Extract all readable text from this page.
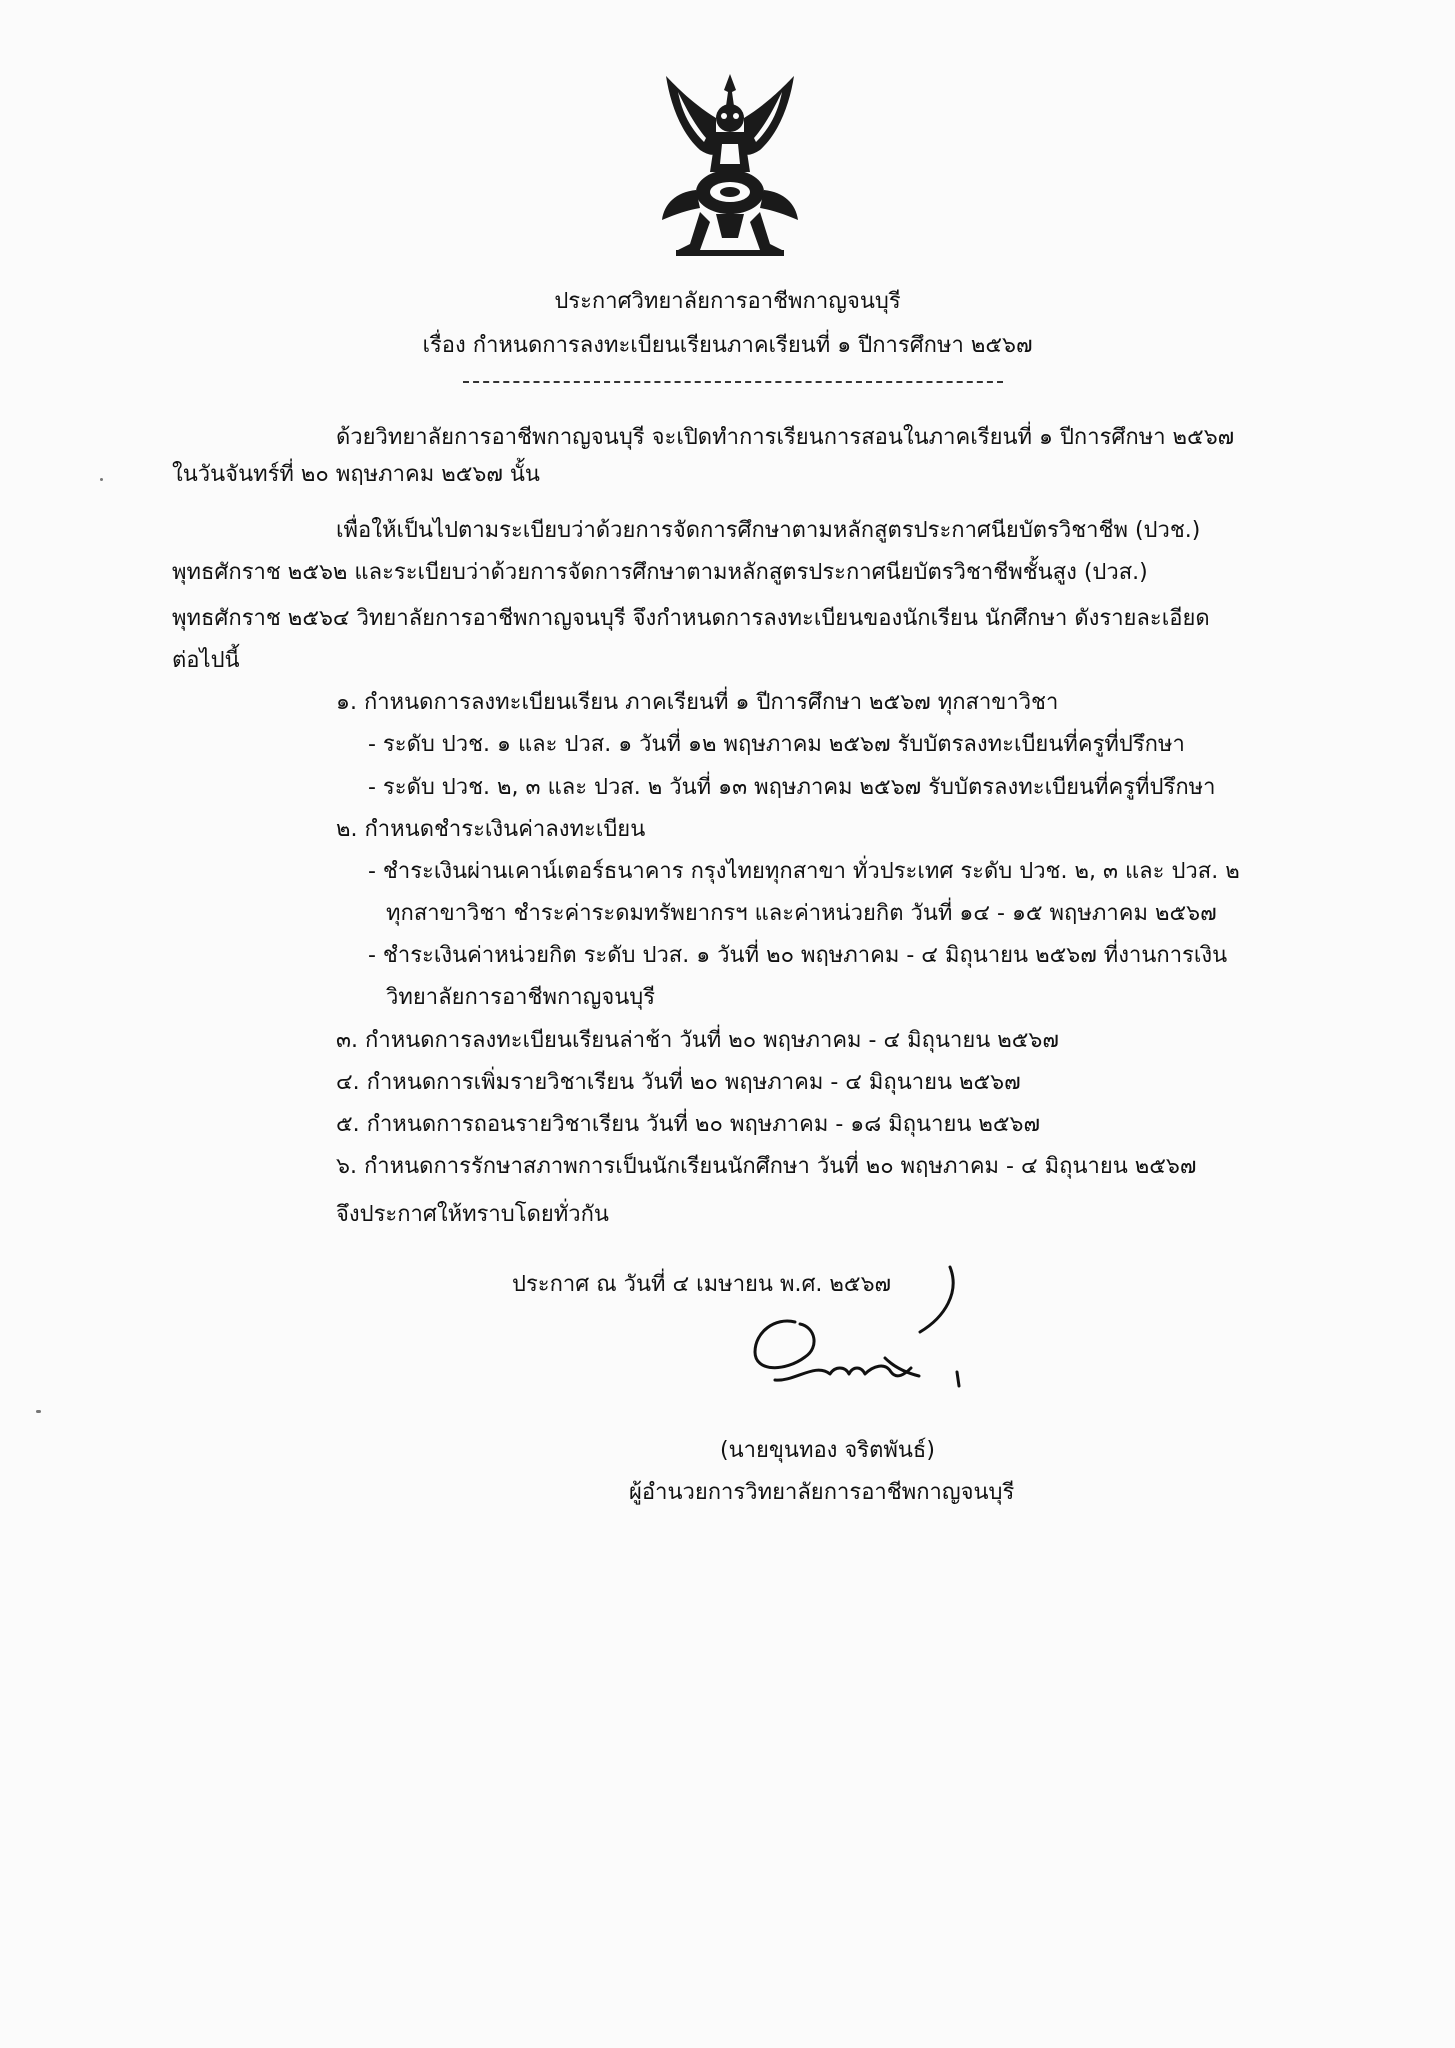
ประกาศวิทยาลัยการอาชีพกาญจนบุรี
เรื่อง กำหนดการลงทะเบียนเรียนภาคเรียนที่ ๑ ปีการศึกษา ๒๕๖๗
ด้วยวิทยาลัยการอาชีพกาญจนบุรี จะเปิดทำการเรียนการสอนในภาคเรียนที่ ๑ ปีการศึกษา ๒๕๖๗
ในวันจันทร์ที่ ๒๐ พฤษภาคม ๒๕๖๗ นั้น
เพื่อให้เป็นไปตามระเบียบว่าด้วยการจัดการศึกษาตามหลักสูตรประกาศนียบัตรวิชาชีพ (ปวช.)
พุทธศักราช ๒๕๖๒ และระเบียบว่าด้วยการจัดการศึกษาตามหลักสูตรประกาศนียบัตรวิชาชีพชั้นสูง (ปวส.)
พุทธศักราช ๒๕๖๔ วิทยาลัยการอาชีพกาญจนบุรี จึงกำหนดการลงทะเบียนของนักเรียน นักศึกษา ดังรายละเอียด
ต่อไปนี้
๑. กำหนดการลงทะเบียนเรียน ภาคเรียนที่ ๑ ปีการศึกษา ๒๕๖๗ ทุกสาขาวิชา
- ระดับ ปวช. ๑ และ ปวส. ๑ วันที่ ๑๒ พฤษภาคม ๒๕๖๗ รับบัตรลงทะเบียนที่ครูที่ปรึกษา
- ระดับ ปวช. ๒, ๓ และ ปวส. ๒ วันที่ ๑๓ พฤษภาคม ๒๕๖๗ รับบัตรลงทะเบียนที่ครูที่ปรึกษา
๒. กำหนดชำระเงินค่าลงทะเบียน
- ชำระเงินผ่านเคาน์เตอร์ธนาคาร กรุงไทยทุกสาขา ทั่วประเทศ ระดับ ปวช. ๒, ๓ และ ปวส. ๒
ทุกสาขาวิชา ชำระค่าระดมทรัพยากรฯ และค่าหน่วยกิต วันที่ ๑๔ - ๑๕ พฤษภาคม ๒๕๖๗
- ชำระเงินค่าหน่วยกิต ระดับ ปวส. ๑ วันที่ ๒๐ พฤษภาคม - ๔ มิถุนายน ๒๕๖๗ ที่งานการเงิน
วิทยาลัยการอาชีพกาญจนบุรี
๓. กำหนดการลงทะเบียนเรียนล่าช้า วันที่ ๒๐ พฤษภาคม - ๔ มิถุนายน ๒๕๖๗
๔. กำหนดการเพิ่มรายวิชาเรียน วันที่ ๒๐ พฤษภาคม - ๔ มิถุนายน ๒๕๖๗
๕. กำหนดการถอนรายวิชาเรียน วันที่ ๒๐ พฤษภาคม - ๑๘ มิถุนายน ๒๕๖๗
๖. กำหนดการรักษาสภาพการเป็นนักเรียนนักศึกษา วันที่ ๒๐ พฤษภาคม - ๔ มิถุนายน ๒๕๖๗
จึงประกาศให้ทราบโดยทั่วกัน
ประกาศ ณ วันที่ ๔ เมษายน พ.ศ. ๒๕๖๗
(นายขุนทอง จริตพันธ์)
ผู้อำนวยการวิทยาลัยการอาชีพกาญจนบุรี
